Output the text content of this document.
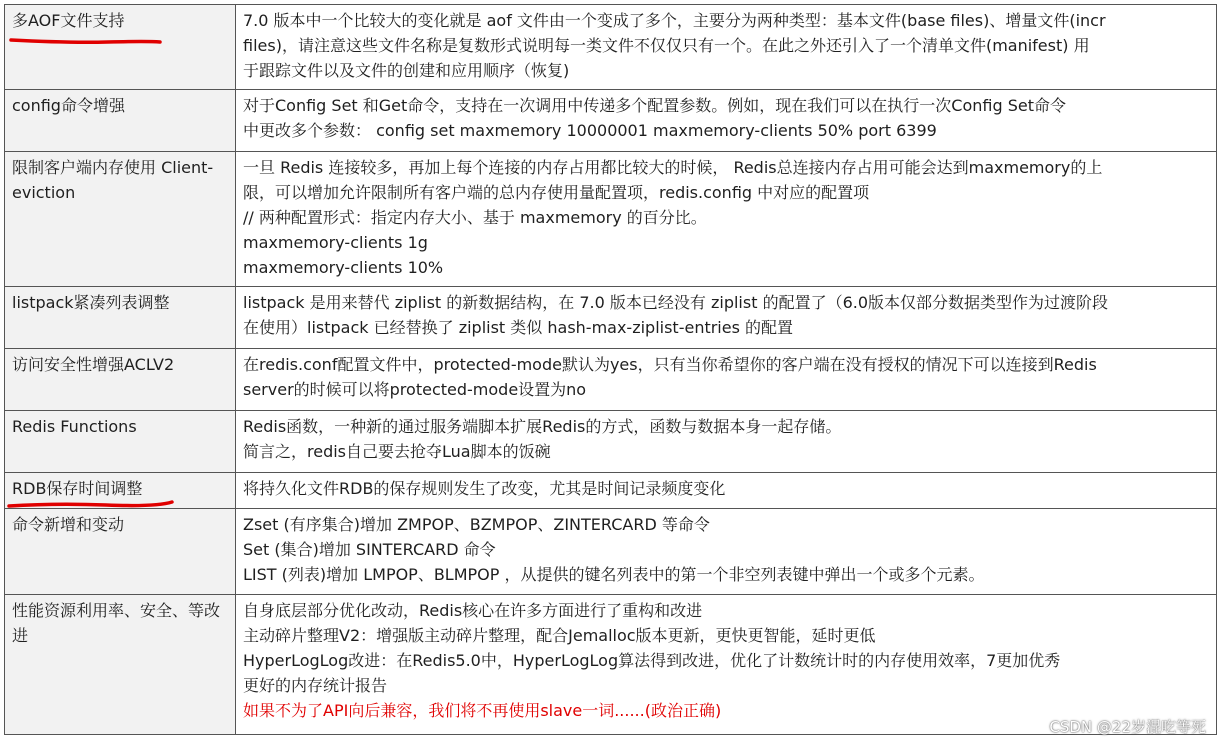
多AOF文件支持	7.0 版本中一个比较大的变化就是 aof 文件由一个变成了多个，主要分为两种类型：基本文件(base files)、增量文件(incr
files)，请注意这些文件名称是复数形式说明每一类文件不仅仅只有一个。在此之外还引入了一个清单文件(manifest) 用
于跟踪文件以及文件的创建和应用顺序（恢复)

config命令增强	对于Config Set 和Get命令，支持在一次调用中传递多个配置参数。例如，现在我们可以在执行一次Config Set命令
中更改多个参数： config set maxmemory 10000001 maxmemory-clients 50% port 6399

限制客户端内存使用 Client-eviction	一旦 Redis 连接较多，再加上每个连接的内存占用都比较大的时候， Redis总连接内存占用可能会达到maxmemory的上
限，可以增加允许限制所有客户端的总内存使用量配置项，redis.config 中对应的配置项
// 两种配置形式：指定内存大小、基于 maxmemory 的百分比。
maxmemory-clients 1g
maxmemory-clients 10%

listpack紧凑列表调整	listpack 是用来替代 ziplist 的新数据结构，在 7.0 版本已经没有 ziplist 的配置了（6.0版本仅部分数据类型作为过渡阶段
在使用）listpack 已经替换了 ziplist 类似 hash-max-ziplist-entries 的配置

访问安全性增强ACLV2	在redis.conf配置文件中，protected-mode默认为yes，只有当你希望你的客户端在没有授权的情况下可以连接到Redis
server的时候可以将protected-mode设置为no

Redis Functions	Redis函数，一种新的通过服务端脚本扩展Redis的方式，函数与数据本身一起存储。
简言之，redis自己要去抢夺Lua脚本的饭碗

RDB保存时间调整	将持久化文件RDB的保存规则发生了改变，尤其是时间记录频度变化

命令新增和变动	Zset (有序集合)增加 ZMPOP、BZMPOP、ZINTERCARD 等命令
Set (集合)增加 SINTERCARD 命令
LIST (列表)增加 LMPOP、BLMPOP ，从提供的键名列表中的第一个非空列表键中弹出一个或多个元素。

性能资源利用率、安全、等改进	自身底层部分优化改动，Redis核心在许多方面进行了重构和改进
主动碎片整理V2：增强版主动碎片整理，配合Jemalloc版本更新，更快更智能，延时更低
HyperLogLog改进：在Redis5.0中，HyperLogLog算法得到改进，优化了计数统计时的内存使用效率，7更加优秀
更好的内存统计报告
如果不为了API向后兼容，我们将不再使用slave一词......(政治正确)
CSDN @22岁混吃等死
